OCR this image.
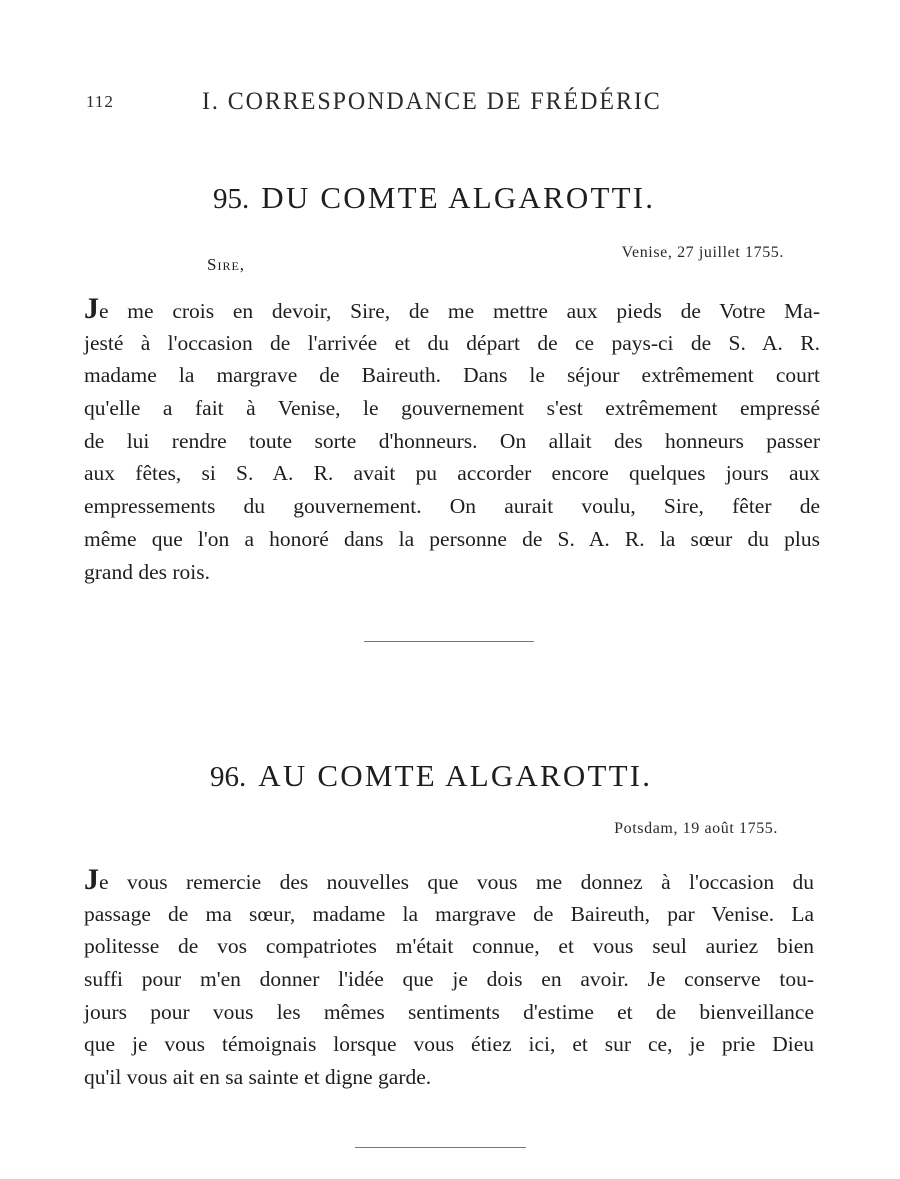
112	I. CORRESPONDANCE DE FRÉDÉRIC
95. DU COMTE ALGAROTTI.
Venise, 27 juillet 1755.
Sire,
Je me crois en devoir, Sire, de me mettre aux pieds de Votre Ma-
jesté à l'occasion de l'arrivée et du départ de ce pays-ci de S. A. R.
madame la margrave de Baireuth. Dans le séjour extrêmement court
qu'elle a fait à Venise, le gouvernement s'est extrêmement empressé
de lui rendre toute sorte d'honneurs. On allait des honneurs passer
aux fêtes, si S. A. R. avait pu accorder encore quelques jours aux
empressements du gouvernement. On aurait voulu, Sire, fêter de
même que l'on a honoré dans la personne de S. A. R. la sœur du plus
grand des rois.
96. AU COMTE ALGAROTTI.
Potsdam, 19 août 1755.
Je vous remercie des nouvelles que vous me donnez à l'occasion du
passage de ma sœur, madame la margrave de Baireuth, par Venise. La
politesse de vos compatriotes m'était connue, et vous seul auriez bien
suffi pour m'en donner l'idée que je dois en avoir. Je conserve tou-
jours pour vous les mêmes sentiments d'estime et de bienveillance
que je vous témoignais lorsque vous étiez ici, et sur ce, je prie Dieu
qu'il vous ait en sa sainte et digne garde.
